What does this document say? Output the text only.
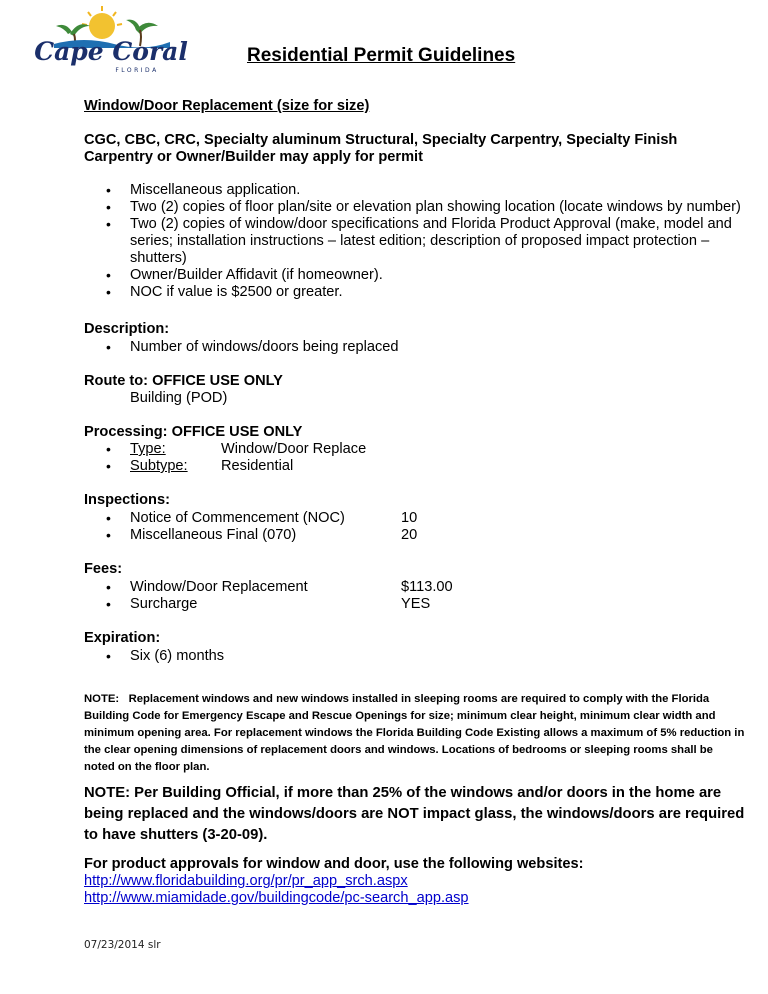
Cape Coral
FLORIDA
Residential Permit Guidelines
Window/Door Replacement (size for size)
CGC, CBC, CRC, Specialty aluminum Structural, Specialty Carpentry, Specialty Finish Carpentry or Owner/Builder may apply for permit
• Miscellaneous application.
• Two (2) copies of floor plan/site or elevation plan showing location (locate windows by number)
• Two (2) copies of window/door specifications and Florida Product Approval (make, model and series; installation instructions – latest edition; description of proposed impact protection – shutters)
• Owner/Builder Affidavit (if homeowner).
• NOC if value is $2500 or greater.
Description:
• Number of windows/doors being replaced
Route to: OFFICE USE ONLY
Building (POD)
Processing: OFFICE USE ONLY
• Type:	Window/Door Replace
• Subtype: Residential
Inspections:
• Notice of Commencement (NOC)	10
• Miscellaneous Final (070)	20
Fees:
• Window/Door Replacement	$113.00
• Surcharge	YES
Expiration:
• Six (6) months
NOTE:   Replacement windows and new windows installed in sleeping rooms are required to comply with the Florida Building Code for Emergency Escape and Rescue Openings for size; minimum clear height, minimum clear width and minimum opening area. For replacement windows the Florida Building Code Existing allows a maximum of 5% reduction in the clear opening dimensions of replacement doors and windows. Locations of bedrooms or sleeping rooms shall be noted on the floor plan.
NOTE: Per Building Official, if more than 25% of the windows and/or doors in the home are being replaced and the windows/doors are NOT impact glass, the windows/doors are required to have shutters (3-20-09).
For product approvals for window and door, use the following websites:
http://www.floridabuilding.org/pr/pr_app_srch.aspx
http://www.miamidade.gov/buildingcode/pc-search_app.asp
07/23/2014 slr
